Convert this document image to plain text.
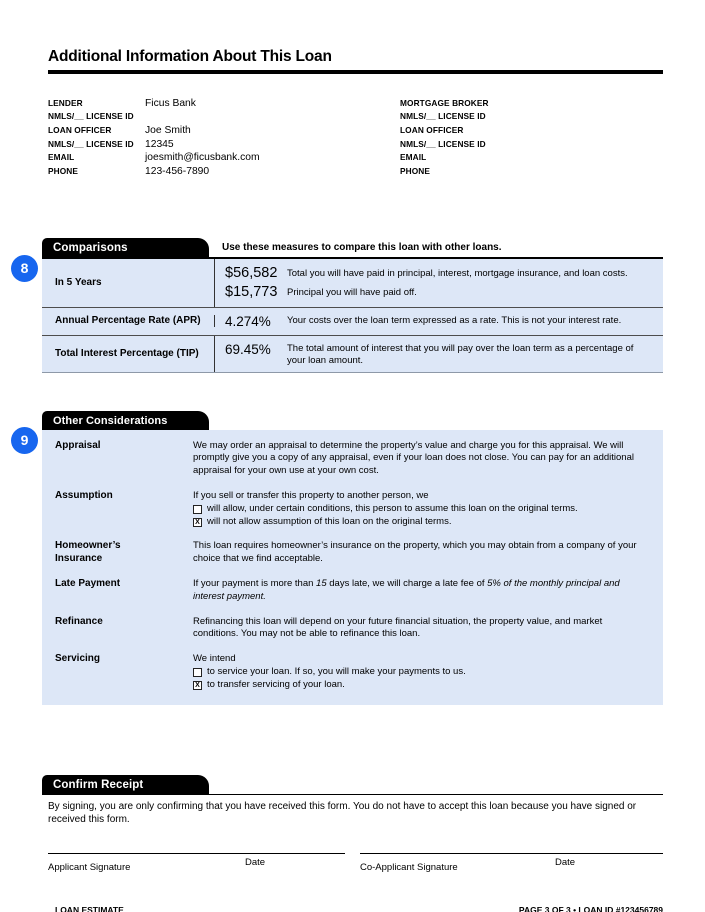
Additional Information About This Loan
LENDER	Ficus Bank
NMLS/__ LICENSE ID
LOAN OFFICER	Joe Smith
NMLS/__ LICENSE ID	12345
EMAIL	joesmith@ficusbank.com
PHONE	123-456-7890
MORTGAGE BROKER
NMLS/__ LICENSE ID
LOAN OFFICER
NMLS/__ LICENSE ID
EMAIL
PHONE
8
Comparisons	Use these measures to compare this loan with other loans.
In 5 Years
$56,582	Total you will have paid in principal, interest, mortgage insurance, and loan costs.
$15,773	Principal you will have paid off.
Annual Percentage Rate (APR)	4.274%	Your costs over the loan term expressed as a rate. This is not your interest rate.
Total Interest Percentage (TIP)	69.45%	The total amount of interest that you will pay over the loan term as a percentage of your loan amount.
9
Other Considerations
Appraisal	We may order an appraisal to determine the property’s value and charge you for this appraisal. We will promptly give you a copy of any appraisal, even if your loan does not close. You can pay for an additional appraisal for your own use at your own cost.
Assumption	If you sell or transfer this property to another person, we
will allow, under certain conditions, this person to assume this loan on the original terms.
X will not allow assumption of this loan on the original terms.
Homeowner’s Insurance
This loan requires homeowner’s insurance on the property, which you may obtain from a company of your choice that we find acceptable.
Late Payment	If your payment is more than 15 days late, we will charge a late fee of 5% of the monthly principal and interest payment.
Refinance	Refinancing this loan will depend on your future financial situation, the property value, and market conditions. You may not be able to refinance this loan.
Servicing	We intend
to service your loan. If so, you will make your payments to us.
X to transfer servicing of your loan.
Confirm Receipt
By signing, you are only confirming that you have received this form. You do not have to accept this loan because you have signed or received this form.
Applicant Signature	Date	Co-Applicant Signature	Date
LOAN ESTIMATE	PAGE 3 OF 3 • LOAN ID #123456789
